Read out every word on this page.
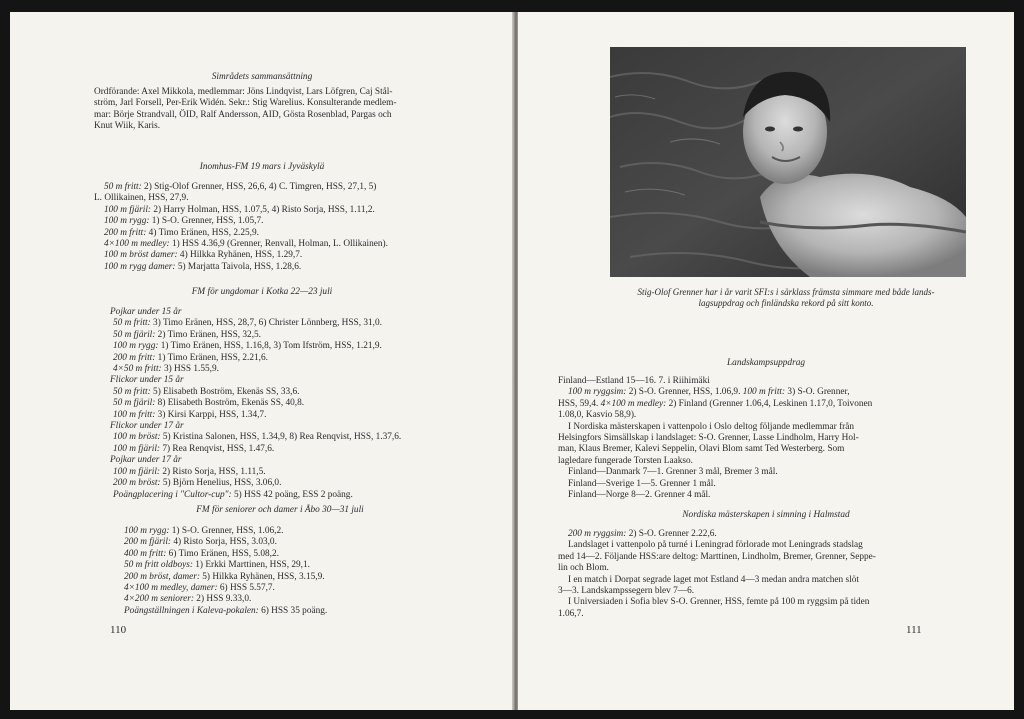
Simrådets sammansättning
Ordförande: Axel Mikkola, medlemmar: Jöns Lindqvist, Lars Löfgren, Caj Stål-
ström, Jarl Forsell, Per-Erik Widén. Sekr.: Stig Warelius. Konsulterande medlem-
mar: Börje Strandvall, ÖID, Ralf Andersson, AID, Gösta Rosenblad, Pargas och
Knut Wiik, Karis.
Inomhus-FM 19 mars i Jyväskylä
50 m fritt: 2) Stig-Olof Grenner, HSS, 26,6, 4) C. Timgren, HSS, 27,1, 5)
L. Ollikainen, HSS, 27,9.
100 m fjäril: 2) Harry Holman, HSS, 1.07,5, 4) Risto Sorja, HSS, 1.11,2.
100 m rygg: 1) S-O. Grenner, HSS, 1.05,7.
200 m fritt: 4) Timo Eränen, HSS, 2.25,9.
4×100 m medley: 1) HSS 4.36,9 (Grenner, Renvall, Holman, L. Ollikainen).
100 m bröst damer: 4) Hilkka Ryhänen, HSS, 1.29,7.
100 m rygg damer: 5) Marjatta Taivola, HSS, 1.28,6.
FM för ungdomar i Kotka 22—23 juli
Pojkar under 15 år
50 m fritt: 3) Timo Eränen, HSS, 28,7, 6) Christer Lönnberg, HSS, 31,0.
50 m fjäril: 2) Timo Eränen, HSS, 32,5.
100 m rygg: 1) Timo Eränen, HSS, 1.16,8, 3) Tom Ifström, HSS, 1.21,9.
200 m fritt: 1) Timo Eränen, HSS, 2.21,6.
4×50 m fritt: 3) HSS 1.55,9.
Flickor under 15 år
50 m fritt: 5) Elisabeth Boström, Ekenäs SS, 33,6.
50 m fjäril: 8) Elisabeth Boström, Ekenäs SS, 40,8.
100 m fritt: 3) Kirsi Karppi, HSS, 1.34,7.
Flickor under 17 år
100 m bröst: 5) Kristina Salonen, HSS, 1.34,9, 8) Rea Renqvist, HSS, 1.37,6.
100 m fjäril: 7) Rea Renqvist, HSS, 1.47,6.
Pojkar under 17 år
100 m fjäril: 2) Risto Sorja, HSS, 1.11,5.
200 m bröst: 5) Björn Henelius, HSS, 3.06,0.
Poängplacering i "Cultor-cup": 5) HSS 42 poäng, ESS 2 poäng.
FM för seniorer och damer i Åbo 30—31 juli
100 m rygg: 1) S-O. Grenner, HSS, 1.06,2.
200 m fjäril: 4) Risto Sorja, HSS, 3.03,0.
400 m fritt: 6) Timo Eränen, HSS, 5.08,2.
50 m fritt oldboys: 1) Erkki Marttinen, HSS, 29,1.
200 m bröst, damer: 5) Hilkka Ryhänen, HSS, 3.15,9.
4×100 m medley, damer: 6) HSS 5.57,7.
4×200 m seniorer: 2) HSS 9.33,0.
Poängställningen i Kaleva-pokalen: 6) HSS 35 poäng.
110
Stig-Olof Grenner har i år varit SFI:s i särklass främsta simmare med både lands-
lagsuppdrag och finländska rekord på sitt konto.
Landskampsuppdrag
Finland—Estland 15—16. 7. i Riihimäki
100 m ryggsim: 2) S-O. Grenner, HSS, 1.06,9. 100 m fritt: 3) S-O. Grenner,
HSS, 59,4. 4×100 m medley: 2) Finland (Grenner 1.06,4, Leskinen 1.17,0, Toivonen
1.08,0, Kasvio 58,9).
I Nordiska mästerskapen i vattenpolo i Oslo deltog följande medlemmar från
Helsingfors Simsällskap i landslaget: S-O. Grenner, Lasse Lindholm, Harry Hol-
man, Klaus Bremer, Kalevi Seppelin, Olavi Blom samt Ted Westerberg. Som
lagledare fungerade Torsten Laakso.
Finland—Danmark 7—1. Grenner 3 mål, Bremer 3 mål.
Finland—Sverige 1—5. Grenner 1 mål.
Finland—Norge 8—2. Grenner 4 mål.
Nordiska mästerskapen i simning i Halmstad
200 m ryggsim: 2) S-O. Grenner 2.22,6.
Landslaget i vattenpolo på turné i Leningrad förlorade mot Leningrads stadslag
med 14—2. Följande HSS:are deltog: Marttinen, Lindholm, Bremer, Grenner, Seppe-
lin och Blom.
I en match i Dorpat segrade laget mot Estland 4—3 medan andra matchen slöt
3—3. Landskampssegern blev 7—6.
I Universiaden i Sofia blev S-O. Grenner, HSS, femte på 100 m ryggsim på tiden
1.06,7.
111
